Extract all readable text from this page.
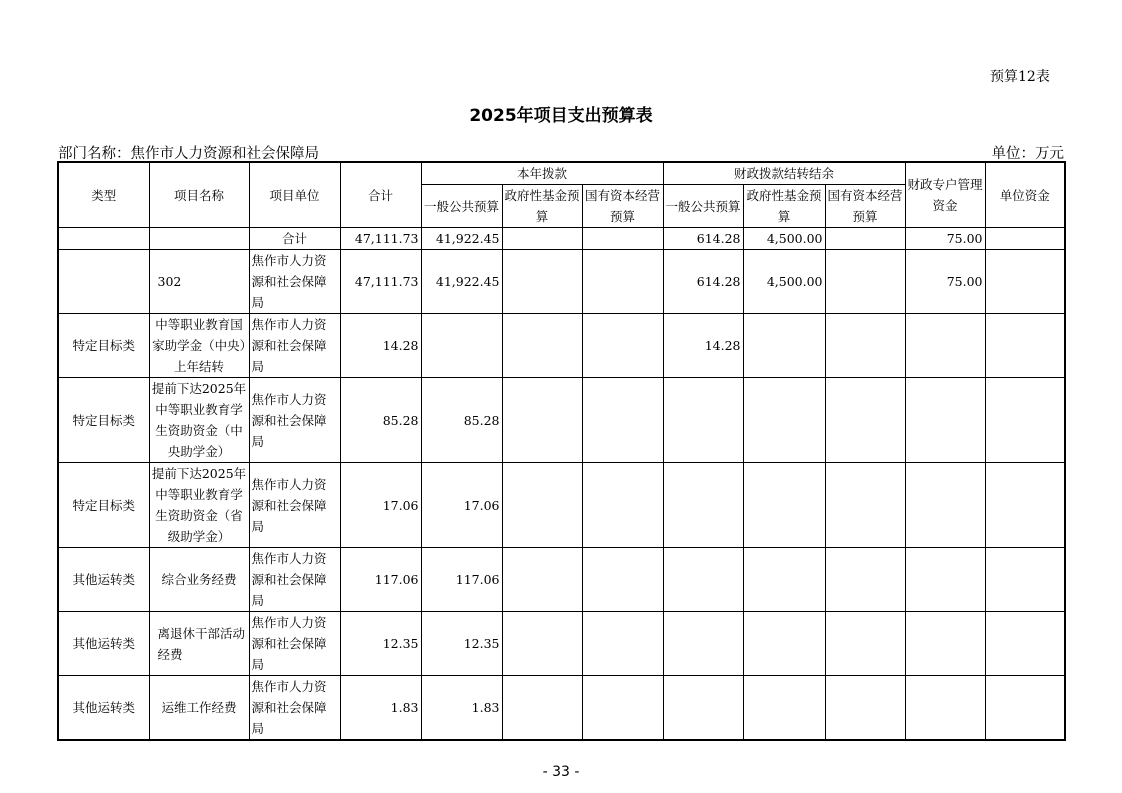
预算12表
2025年项目支出预算表
部门名称：焦作市人力资源和社会保障局	单位：万元
类型	项目名称	项目单位	合计	本年拨款			财政拨款结转结余			财政专户管理资金	单位资金
				一般公共预算	政府性基金预算	国有资本经营预算	一般公共预算	政府性基金预算	国有资本经营预算		
		合计	47,111.73	41,922.45			614.28	4,500.00		75.00	
	302	焦作市人力资源和社会保障局	47,111.73	41,922.45			614.28	4,500.00		75.00	
特定目标类	中等职业教育国家助学金（中央）上年结转	焦作市人力资源和社会保障局	14.28				14.28				
特定目标类	提前下达2025年中等职业教育学生资助资金（中央助学金）	焦作市人力资源和社会保障局	85.28	85.28							
特定目标类	提前下达2025年中等职业教育学生资助资金（省级助学金）	焦作市人力资源和社会保障局	17.06	17.06							
其他运转类	综合业务经费	焦作市人力资源和社会保障局	117.06	117.06							
其他运转类	离退休干部活动经费	焦作市人力资源和社会保障局	12.35	12.35							
其他运转类	运维工作经费	焦作市人力资源和社会保障局	1.83	1.83							
- 33 -
